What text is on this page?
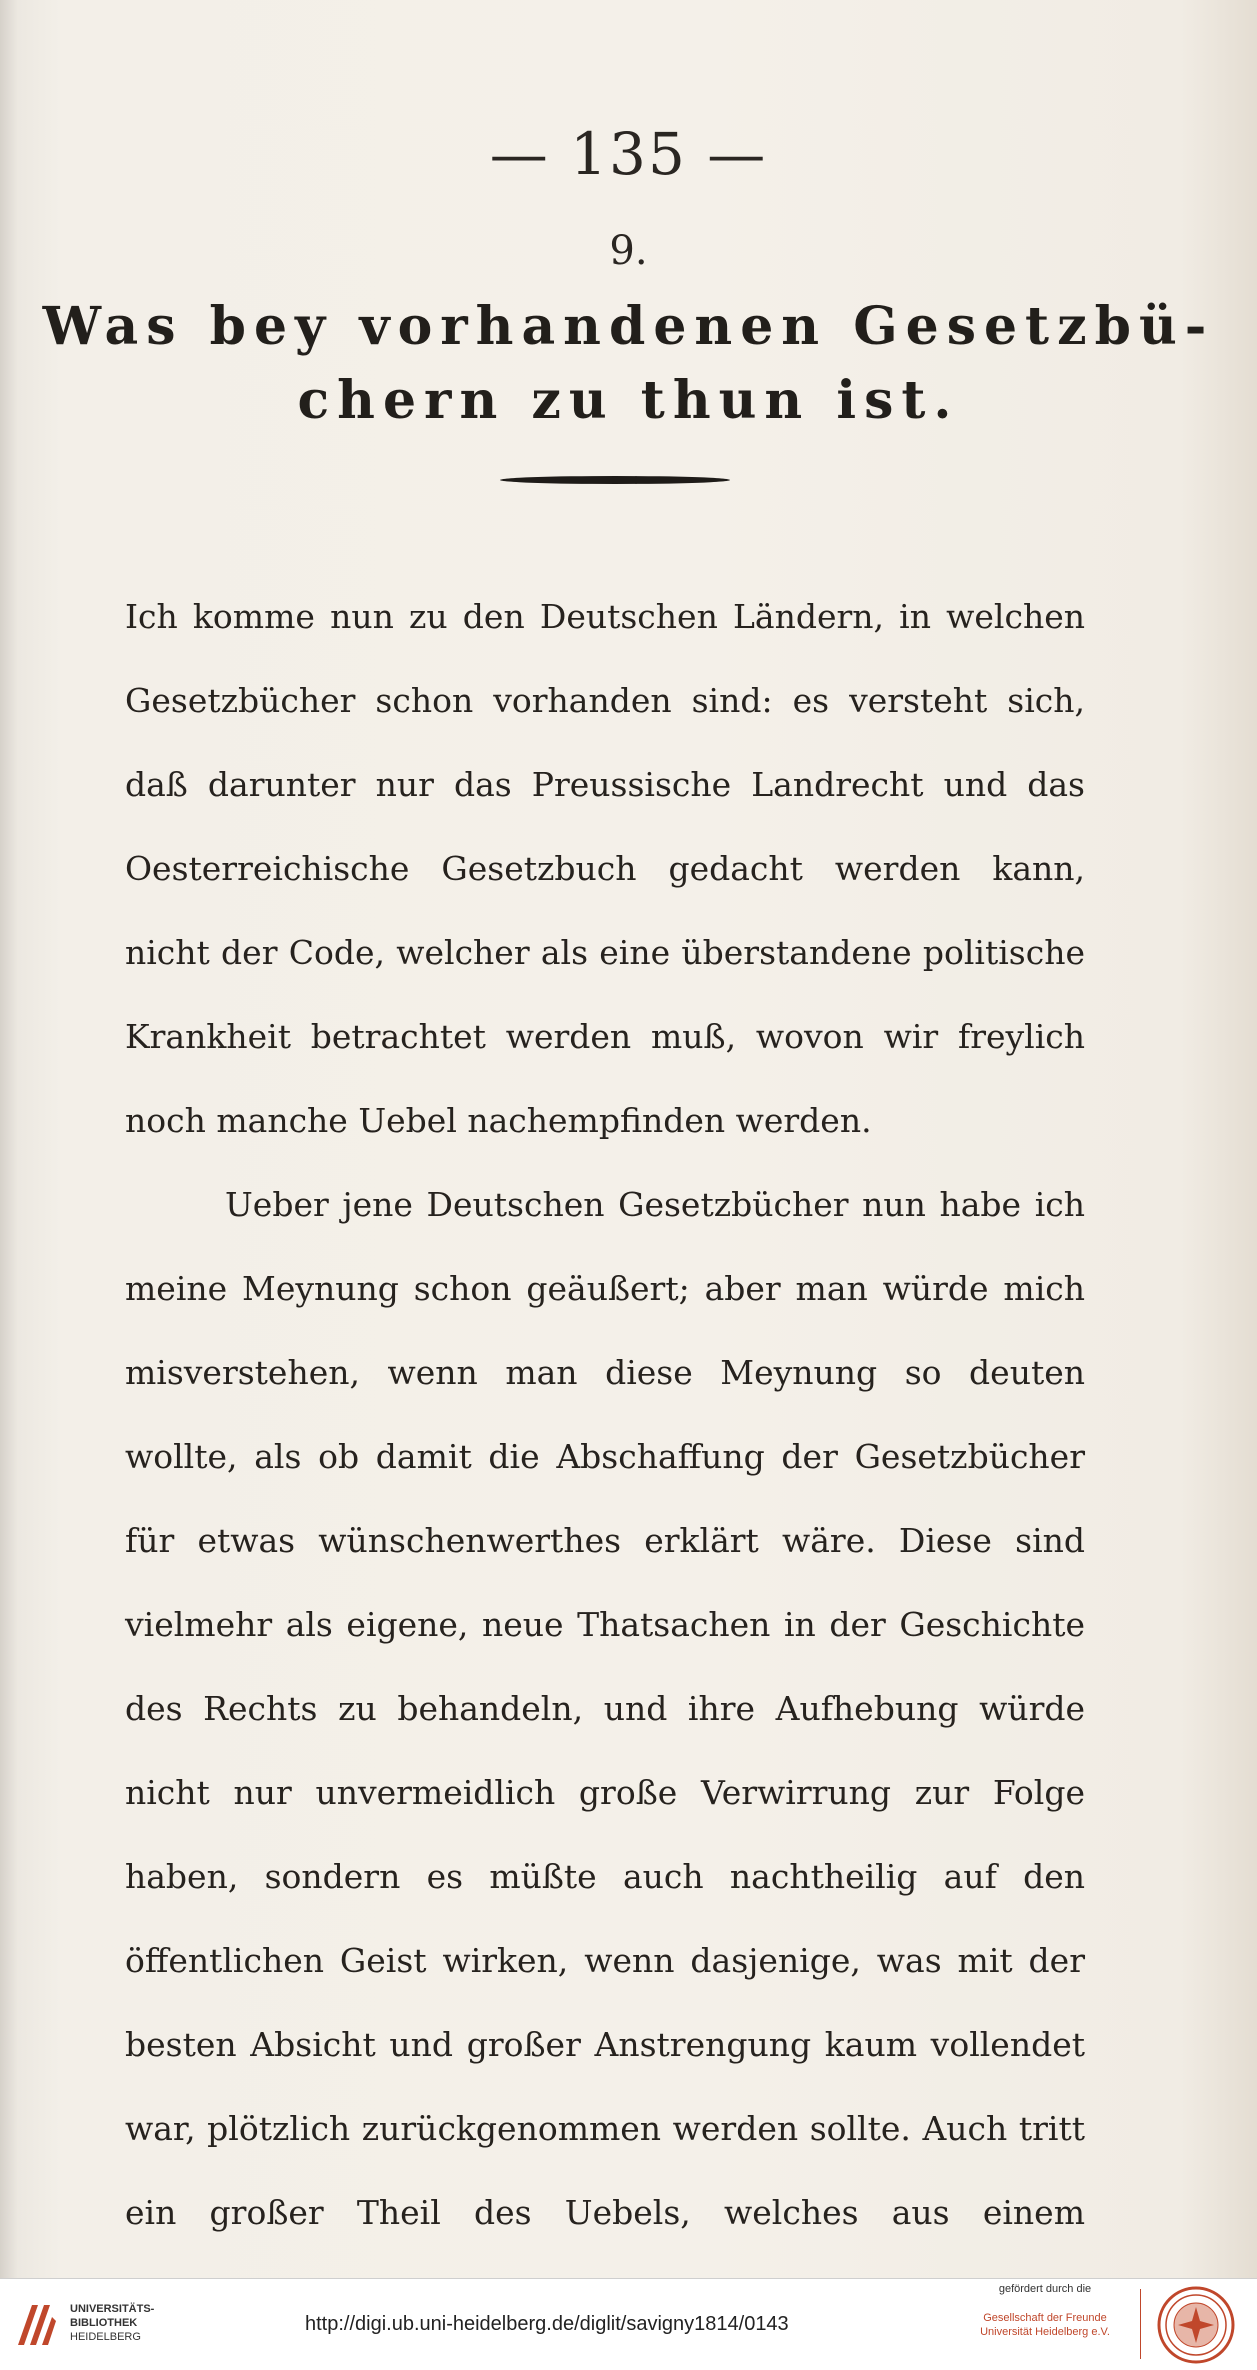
— 135 —
9.
Was bey vorhandenen Gesetzbü-
chern zu thun ist.

Ich komme nun zu den Deutschen Ländern, in welchen Gesetzbücher schon vorhanden sind: es versteht sich, daß darunter nur das Preussische Landrecht und das Oesterreichische Gesetzbuch gedacht werden kann, nicht der Code, welcher als eine überstandene politische Krankheit betrachtet werden muß, wovon wir freylich noch manche Uebel nachempfinden werden.

Ueber jene Deutschen Gesetzbücher nun habe ich meine Meynung schon geäußert; aber man würde mich misverstehen, wenn man diese Meynung so deuten wollte, als ob damit die Abschaffung der Gesetzbücher für etwas wünschenwerthes erklärt wäre. Diese sind vielmehr als eigene, neue Thatsachen in der Geschichte des Rechts zu behandeln, und ihre Aufhebung würde nicht nur unvermeidlich große Verwirrung zur Folge haben, sondern es müßte auch nachtheilig auf den öffentlichen Geist wirken, wenn dasjenige, was mit der besten Absicht und großer Anstrengung kaum vollendet war, plötzlich zurückgenommen werden sollte. Auch tritt ein großer Theil des Uebels, welches aus einem

UNIVERSITÄTS-
BIBLIOTHEK
HEIDELBERG
http://digi.ub.uni-heidelberg.de/diglit/savigny1814/0143
gefördert durch die
Gesellschaft der Freunde
Universität Heidelberg e.V.
